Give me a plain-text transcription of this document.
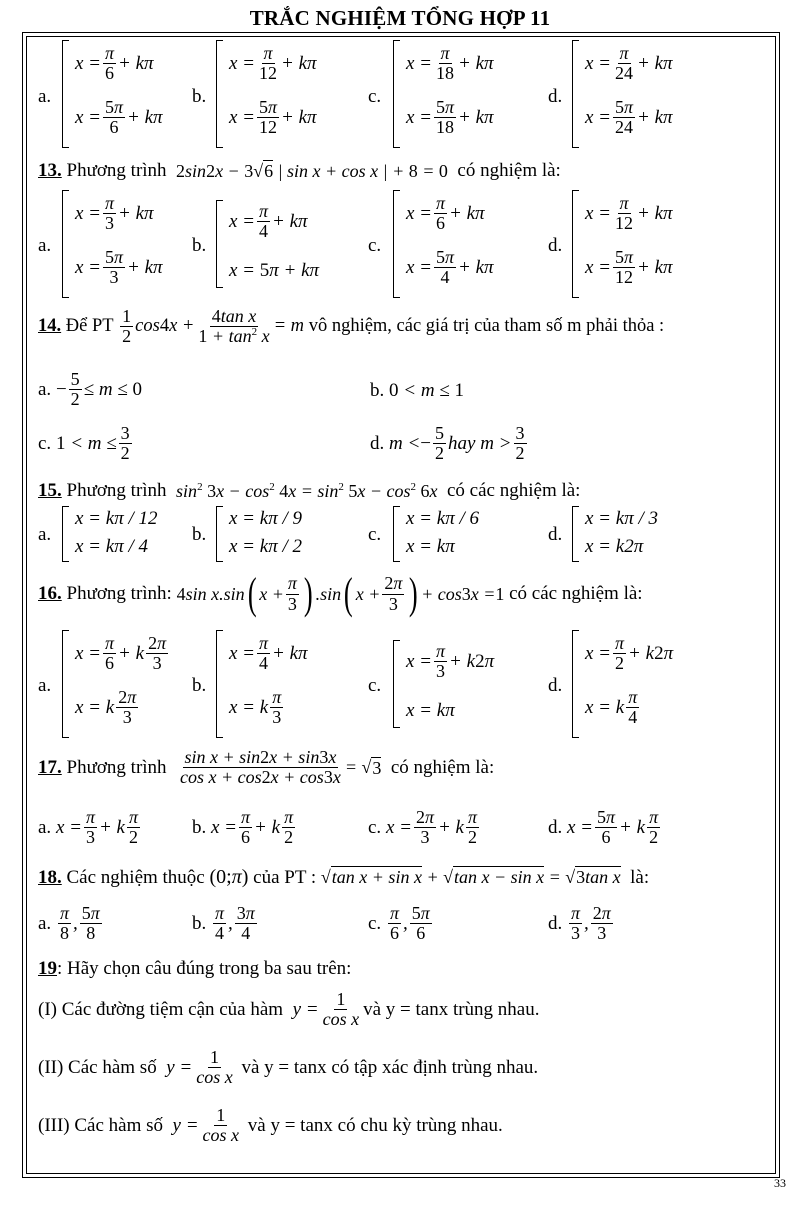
TRẮC NGHIỆM TỔNG HỢP 11
a.
$x = \frac{\pi}{6} + k\pi$
$x = \frac{5\pi}{6} + k\pi$
b.
$x = \frac{\pi}{12} + k\pi$
$x = \frac{5\pi}{12} + k\pi$
c.
$x = \frac{\pi}{18} + k\pi$
$x = \frac{5\pi}{18} + k\pi$
d.
$x = \frac{\pi}{24} + k\pi$
$x = \frac{5\pi}{24} + k\pi$
13.
Phương trình
2sin2x − 3√6 | sin x + cos x | + 8 = 0
có nghiệm là:
a.
$x = \frac{\pi}{3} + k\pi$
$x = \frac{5\pi}{3} + k\pi$
b.
$x = \frac{\pi}{4} + k\pi$
x = 5π + kπ
c.
$x = \frac{\pi}{6} + k\pi$
$x = \frac{5\pi}{4} + k\pi$
d.
$x = \frac{\pi}{12} + k\pi$
$x = \frac{5\pi}{12} + k\pi$
14.
Để PT
$\frac{1}{2}$ cos 4 $x + \frac{\text{4tan x}}{1 + \tan^2 x} = m$
vô nghiệm, các giá trị của tham số m phải thỏa :
a.
− $\frac{5}{2} \le m \le 0$	b.
0 < m ≤ 1
c.
$1 < m \le \frac{3}{2}$	d.
m < − $\frac{5}{2}$ hay $m > \frac{3}{2}$
15.
Phương trình
$\sin^2 3x - \cos^2 4x = \sin^2 5x - \cos^2 6x$
có các nghiệm là:
a.
x = kπ / 12
x = kπ / 4
b.
x = kπ / 9
x = kπ / 2
c.
x = kπ / 6
x = kπ
d.
x = kπ / 3
x = k2π
16.
Phương trình:
4 sin x.sin ( $x + \frac{\pi}{3}$ ) .sin ( $x + \frac{2\pi}{3}$ ) + cos 3 x = 1
có các nghiệm là:
a.
$x = \frac{\pi}{6} + k \frac{2\pi}{3}$
x = k $\frac{2\pi}{3}$
b.
$x = \frac{\pi}{4} + k\pi$
x = k $\frac{\pi}{3}$
c.
$x = \frac{\pi}{3} + k2\pi$
x = kπ
d.
$x = \frac{\pi}{2} + k2\pi$
x = k $\frac{\pi}{4}$
17.
Phương trình
$\frac{\text{sin x + sin2x + sin3x}}{\text{cos x + cos2x + cos3x}}$ = √ 3
có nghiệm là:
a.
$x = \frac{\pi}{3} + k \frac{\pi}{2}$	b.
$x = \frac{\pi}{6} + k \frac{\pi}{2}$	c.
$x = \frac{2\pi}{3} + k \frac{\pi}{2}$	d.
$x = \frac{5\pi}{6} + k \frac{\pi}{2}$
18.
Các nghiệm thuộc
(0;π)
của PT :
√tan x + sin x + √tan x − sin x = √3tan x
là:
a.
$\frac{\pi}{8}$ , $\frac{5\pi}{8}$	b.
$\frac{\pi}{4}$ , $\frac{3\pi}{4}$	c.
$\frac{\pi}{6}$ , $\frac{5\pi}{6}$	d.
$\frac{\pi}{3}$ , $\frac{2\pi}{3}$
19: Hãy chọn câu đúng trong ba sau trên:
(I) Các đường tiệm cận của hàm
$y = \frac{1}{\text{cos x}}$ và y = tanx trùng nhau.
(II) Các hàm số
$y = \frac{1}{\text{cos x}}$
và y = tanx có tập xác định trùng nhau.
(III) Các hàm số
$y = \frac{1}{\text{cos x}}$
và y = tanx có chu kỳ trùng nhau.
33
